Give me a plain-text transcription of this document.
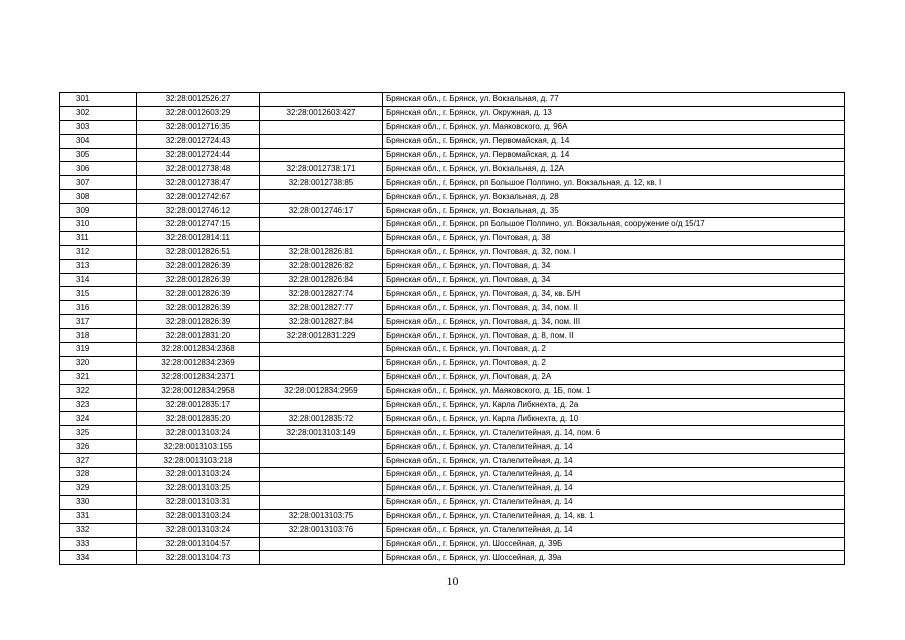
301	32:28:0012526:27		Брянская обл., г. Брянск, ул. Вокзальная, д. 77
302	32:28:0012603:29	32:28:0012603:427	Брянская обл., г. Брянск, ул. Окружная, д. 13
303	32:28:0012716:35		Брянская обл., г. Брянск, ул. Маяковского, д. 96А
304	32:28:0012724:43		Брянская обл., г. Брянск, ул. Первомайская, д. 14
305	32:28:0012724:44		Брянская обл., г. Брянск, ул. Первомайская, д. 14
306	32:28:0012738:48	32:28:0012738:171	Брянская обл., г. Брянск, ул. Вокзальная, д. 12А
307	32:28:0012738:47	32:28:0012738:85	Брянская обл., г. Брянск, рп Большое Полпино, ул. Вокзальная, д. 12, кв. I
308	32:28:0012742:67		Брянская обл., г. Брянск, ул. Вокзальная, д. 28
309	32:28:0012746:12	32:28:0012746:17	Брянская обл., г. Брянск, ул. Вокзальная, д. 35
310	32:28:0012747:15		Брянская обл., г. Брянск, рп Большое Полпино, ул. Вокзальная, сооружение о/д 15/17
311	32:28:0012814:11		Брянская обл., г. Брянск, ул. Почтовая, д. 38
312	32:28:0012826:51	32:28:0012826:81	Брянская обл., г. Брянск, ул. Почтовая, д. 32, пом. I
313	32:28:0012826:39	32:28:0012826:82	Брянская обл., г. Брянск, ул. Почтовая, д. 34
314	32:28:0012826:39	32:28:0012826:84	Брянская обл., г. Брянск, ул. Почтовая, д. 34
315	32:28:0012826:39	32:28:0012827:74	Брянская обл., г. Брянск, ул. Почтовая, д. 34, кв. Б/Н
316	32:28:0012826:39	32:28:0012827:77	Брянская обл., г. Брянск, ул. Почтовая, д. 34, пом. II
317	32:28:0012826:39	32:28:0012827:84	Брянская обл., г. Брянск, ул. Почтовая, д. 34, пом. III
318	32:28:0012831:20	32:28:0012831:229	Брянская обл., г. Брянск, ул. Почтовая, д. 8, пом. II
319	32:28:0012834:2368		Брянская обл., г. Брянск, ул. Почтовая, д. 2
320	32:28:0012834:2369		Брянская обл., г. Брянск, ул. Почтовая, д. 2
321	32:28:0012834:2371		Брянская обл., г. Брянск, ул. Почтовая, д. 2А
322	32:28:0012834:2958	32:28:0012834:2959	Брянская обл., г. Брянск, ул. Маяковского, д. 1Б, пом. 1
323	32:28:0012835:17		Брянская обл., г. Брянск, ул. Карла Либкнехта, д. 2а
324	32:28:0012835:20	32:28:0012835:72	Брянская обл., г. Брянск, ул. Карла Либкнехта, д. 10
325	32:28:0013103:24	32:28:0013103:149	Брянская обл., г. Брянск, ул. Сталелитейная, д. 14, пом. 6
326	32:28:0013103:155		Брянская обл., г. Брянск, ул. Сталелитейная, д. 14
327	32:28:0013103:218		Брянская обл., г. Брянск, ул. Сталелитейная, д. 14
328	32:28:0013103:24		Брянская обл., г. Брянск, ул. Сталелитейная, д. 14
329	32:28:0013103:25		Брянская обл., г. Брянск, ул. Сталелитейная, д. 14
330	32:28:0013103:31		Брянская обл., г. Брянск, ул. Сталелитейная, д. 14
331	32:28:0013103:24	32:28:0013103:75	Брянская обл., г. Брянск, ул. Сталелитейная, д. 14, кв. 1
332	32:28:0013103:24	32:28:0013103:76	Брянская обл., г. Брянск, ул. Сталелитейная, д. 14
333	32:28:0013104:57		Брянская обл., г. Брянск, ул. Шоссейная, д. 39Б
334	32:28:0013104:73		Брянская обл., г. Брянск, ул. Шоссейная, д. 39а
10
